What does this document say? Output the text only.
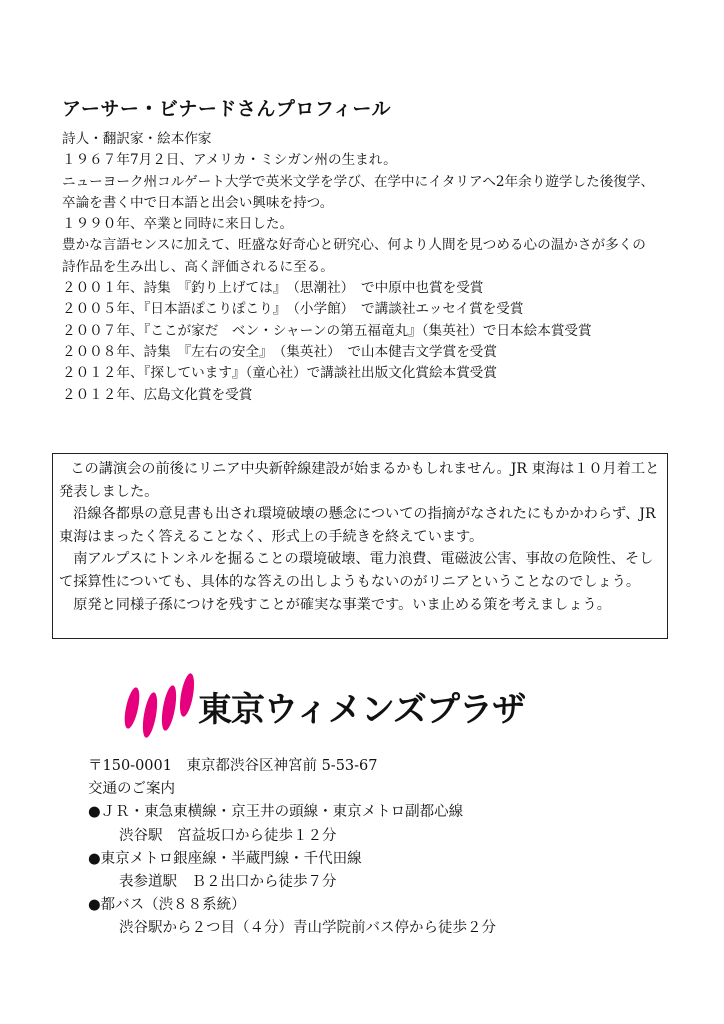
アーサー・ビナードさんプロフィール
詩人・翻訳家・絵本作家
１９６７年7月２日、アメリカ・ミシガン州の生まれ。
ニューヨーク州コルゲート大学で英米文学を学び、在学中にイタリアへ2年余り遊学した後復学、
卒論を書く中で日本語と出会い興味を持つ。
１９９０年、卒業と同時に来日した。
豊かな言語センスに加えて、旺盛な好奇心と研究心、何より人間を見つめる心の温かさが多くの
詩作品を生み出し、高く評価されるに至る。
２００１年、詩集　『釣り上げては』　（思潮社）　で中原中也賞を受賞
２００５年、『日本語ぽこりぽこり』　（小学館）　で講談社エッセイ賞を受賞
２００７年、『ここが家だ　ベン・シャーンの第五福竜丸』（集英社）で日本絵本賞受賞
２００８年、詩集　『左右の安全』　（集英社）　で山本健吉文学賞を受賞
２０１２年、『探しています』（童心社）で講談社出版文化賞絵本賞受賞
２０１２年、広島文化賞を受賞
この講演会の前後にリニア中央新幹線建設が始まるかもしれません。JR 東海は１０月着工と発表しました。
沿線各都県の意見書も出され環境破壊の懸念についての指摘がなされたにもかかわらず、JR 東海はまったく答えることなく、形式上の手続きを終えています。
南アルプスにトンネルを掘ることの環境破壊、電力浪費、電磁波公害、事故の危険性、そして採算性についても、具体的な答えの出しようもないのがリニアということなのでしょう。
原発と同様子孫につけを残すことが確実な事業です。いま止める策を考えましょう。
東京ウィメンズプラザ
〒150-0001　東京都渋谷区神宮前 5-53-67
交通のご案内
●ＪＲ・東急東横線・京王井の頭線・東京メトロ副都心線
渋谷駅　宮益坂口から徒歩１２分
●東京メトロ銀座線・半蔵門線・千代田線
表参道駅　Ｂ２出口から徒歩７分
●都バス（渋８８系統）
渋谷駅から２つ目（４分）青山学院前バス停から徒歩２分
